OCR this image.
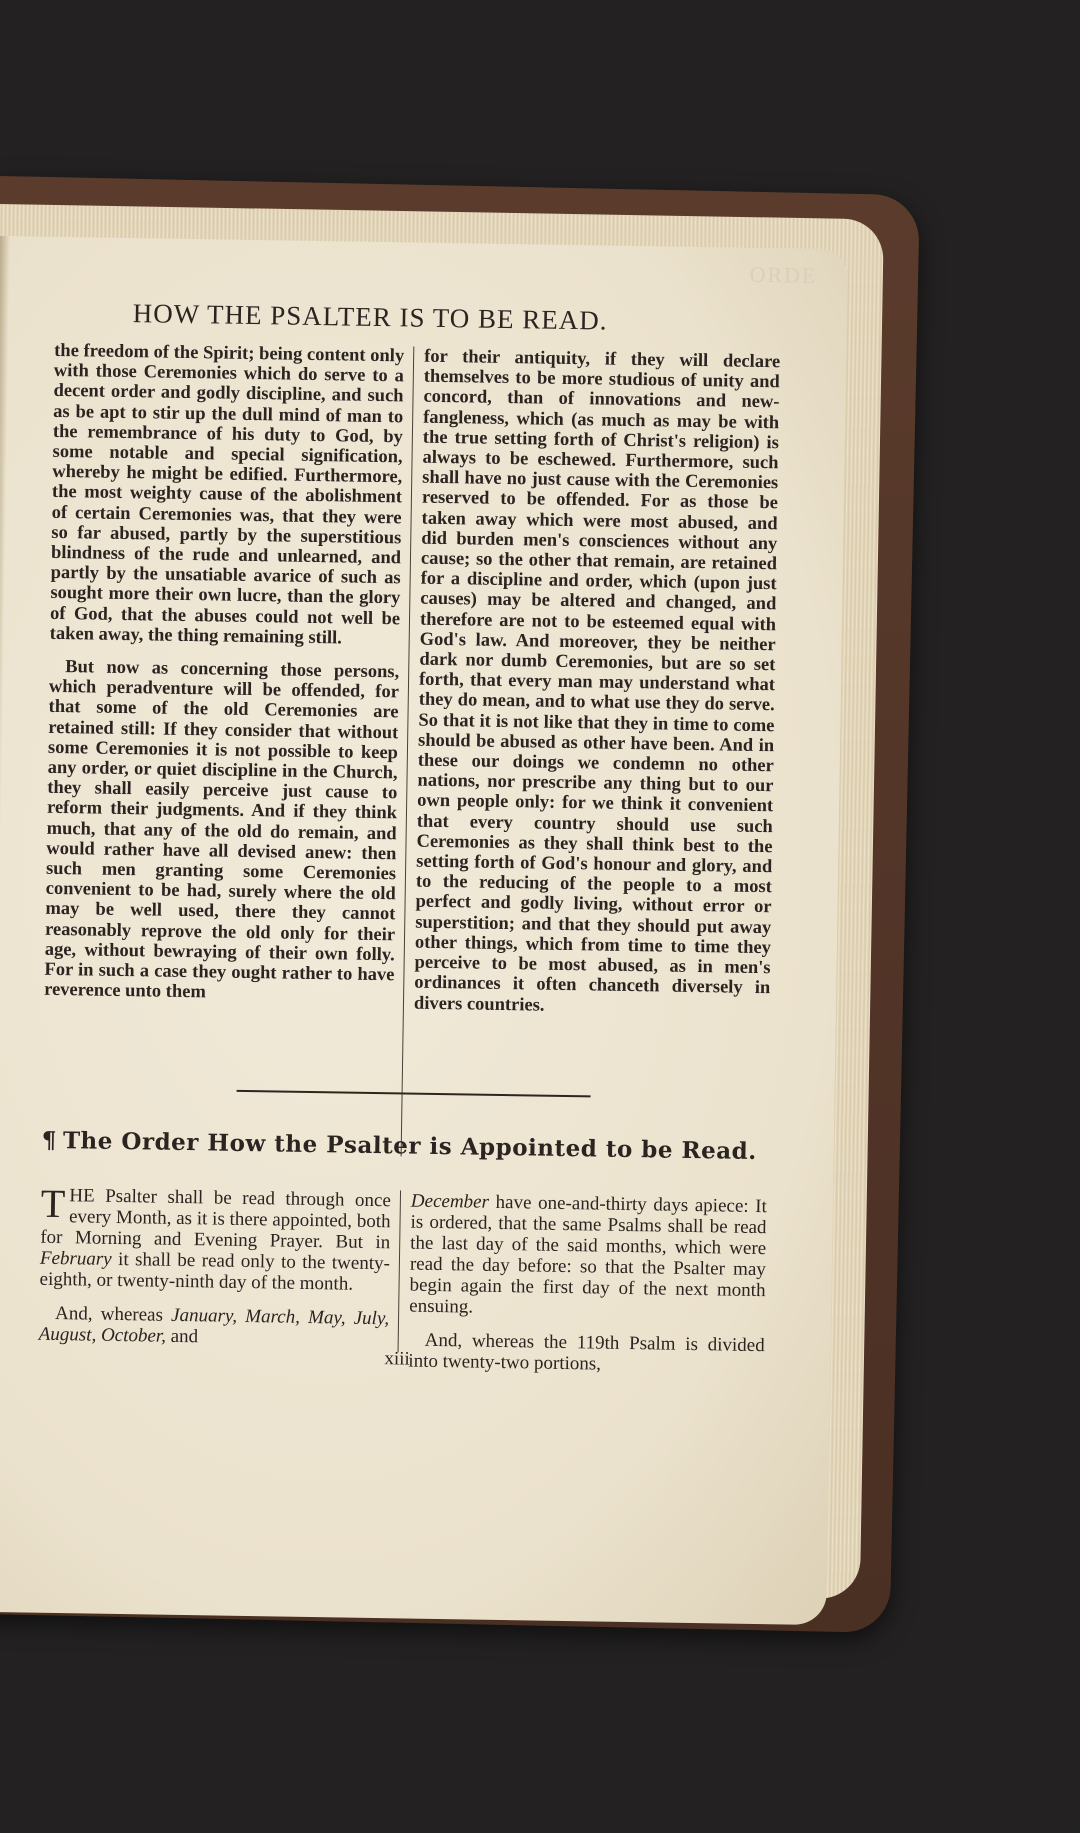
ORDE
HOW THE PSALTER IS TO BE READ.

the freedom of the Spirit; being content only with those Ceremonies which do serve to a decent order and godly discipline, and such as be apt to stir up the dull mind of man to the remembrance of his duty to God, by some notable and special signification, whereby he might be edified. Furthermore, the most weighty cause of the abolishment of certain Ceremonies was, that they were so far abused, partly by the superstitious blindness of the rude and unlearned, and partly by the unsatiable avarice of such as sought more their own lucre, than the glory of God, that the abuses could not well be taken away, the thing remaining still.

But now as concerning those persons, which peradventure will be offended, for that some of the old Ceremonies are retained still: If they consider that without some Ceremonies it is not possible to keep any order, or quiet discipline in the Church, they shall easily perceive just cause to reform their judgments. And if they think much, that any of the old do remain, and would rather have all devised anew: then such men granting some Ceremonies convenient to be had, surely where the old may be well used, there they cannot reasonably reprove the old only for their age, without bewraying of their own folly. For in such a case they ought rather to have reverence unto them

for their antiquity, if they will declare themselves to be more studious of unity and concord, than of innovations and new-fangleness, which (as much as may be with the true setting forth of Christ's religion) is always to be eschewed. Furthermore, such shall have no just cause with the Ceremonies reserved to be offended. For as those be taken away which were most abused, and did burden men's consciences without any cause; so the other that remain, are retained for a discipline and order, which (upon just causes) may be altered and changed, and therefore are not to be esteemed equal with God's law. And moreover, they be neither dark nor dumb Ceremonies, but are so set forth, that every man may understand what they do mean, and to what use they do serve. So that it is not like that they in time to come should be abused as other have been. And in these our doings we condemn no other nations, nor prescribe any thing but to our own people only: for we think it convenient that every country should use such Ceremonies as they shall think best to the setting forth of God's honour and glory, and to the reducing of the people to a most perfect and godly living, without error or superstition; and that they should put away other things, which from time to time they perceive to be most abused, as in men's ordinances it often chanceth diversely in divers countries.

¶ The Order How the Psalter is Appointed to be Read.

THE Psalter shall be read through once every Month, as it is there appointed, both for Morning and Evening Prayer. But in February it shall be read only to the twenty-eighth, or twenty-ninth day of the month.

And, whereas January, March, May, July, August, October, and

December have one-and-thirty days apiece: It is ordered, that the same Psalms shall be read the last day of the said months, which were read the day before: so that the Psalter may begin again the first day of the next month ensuing.

And, whereas the 119th Psalm is divided into twenty-two portions,

xiii
